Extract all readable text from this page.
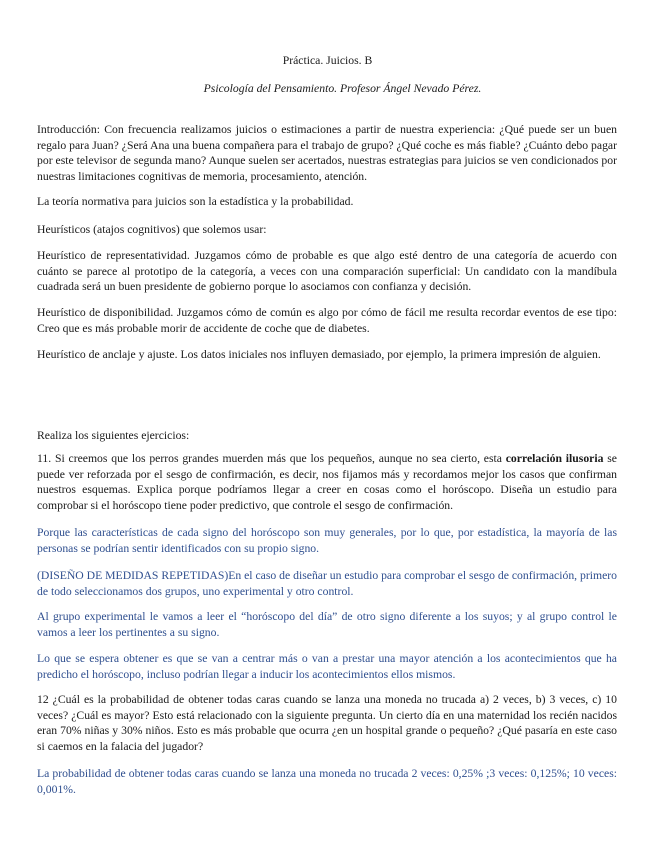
Práctica. Juicios. B
Psicología del Pensamiento. Profesor Ángel Nevado Pérez.

Introducción: Con frecuencia realizamos juicios o estimaciones a partir de nuestra experiencia: ¿Qué puede ser un buen regalo para Juan? ¿Será Ana una buena compañera para el trabajo de grupo? ¿Qué coche es más fiable? ¿Cuánto debo pagar por este televisor de segunda mano? Aunque suelen ser acertados, nuestras estrategias para juicios se ven condicionados por nuestras limitaciones cognitivas de memoria, procesamiento, atención.

La teoría normativa para juicios son la estadística y la probabilidad.

Heurísticos (atajos cognitivos) que solemos usar:

Heurístico de representatividad. Juzgamos cómo de probable es que algo esté dentro de una categoría de acuerdo con cuánto se parece al prototipo de la categoría, a veces con una comparación superficial: Un candidato con la mandíbula cuadrada será un buen presidente de gobierno porque lo asociamos con confianza y decisión.

Heurístico de disponibilidad. Juzgamos cómo de común es algo por cómo de fácil me resulta recordar eventos de ese tipo: Creo que es más probable morir de accidente de coche que de diabetes.

Heurístico de anclaje y ajuste. Los datos iniciales nos influyen demasiado, por ejemplo, la primera impresión de alguien.

Realiza los siguientes ejercicios:

11. Si creemos que los perros grandes muerden más que los pequeños, aunque no sea cierto, esta correlación ilusoria se puede ver reforzada por el sesgo de confirmación, es decir, nos fijamos más y recordamos mejor los casos que confirman nuestros esquemas. Explica porque podríamos llegar a creer en cosas como el horóscopo. Diseña un estudio para comprobar si el horóscopo tiene poder predictivo, que controle el sesgo de confirmación.

Porque las características de cada signo del horóscopo son muy generales, por lo que, por estadística, la mayoría de las personas se podrían sentir identificados con su propio signo.

(DISEÑO DE MEDIDAS REPETIDAS)En el caso de diseñar un estudio para comprobar el sesgo de confirmación, primero de todo seleccionamos dos grupos, uno experimental y otro control.

Al grupo experimental le vamos a leer el “horóscopo del día” de otro signo diferente a los suyos; y al grupo control le vamos a leer los pertinentes a su signo.

Lo que se espera obtener es que se van a centrar más o van a prestar una mayor atención a los acontecimientos que ha predicho el horóscopo, incluso podrían llegar a inducir los acontecimientos ellos mismos.

12 ¿Cuál es la probabilidad de obtener todas caras cuando se lanza una moneda no trucada a) 2 veces, b) 3 veces, c) 10 veces? ¿Cuál es mayor? Esto está relacionado con la siguiente pregunta. Un cierto día en una maternidad los recién nacidos eran 70% niñas y 30% niños. Esto es más probable que ocurra ¿en un hospital grande o pequeño? ¿Qué pasaría en este caso si caemos en la falacia del jugador?

La probabilidad de obtener todas caras cuando se lanza una moneda no trucada 2 veces: 0,25% ;3 veces: 0,125%; 10 veces: 0,001%.
